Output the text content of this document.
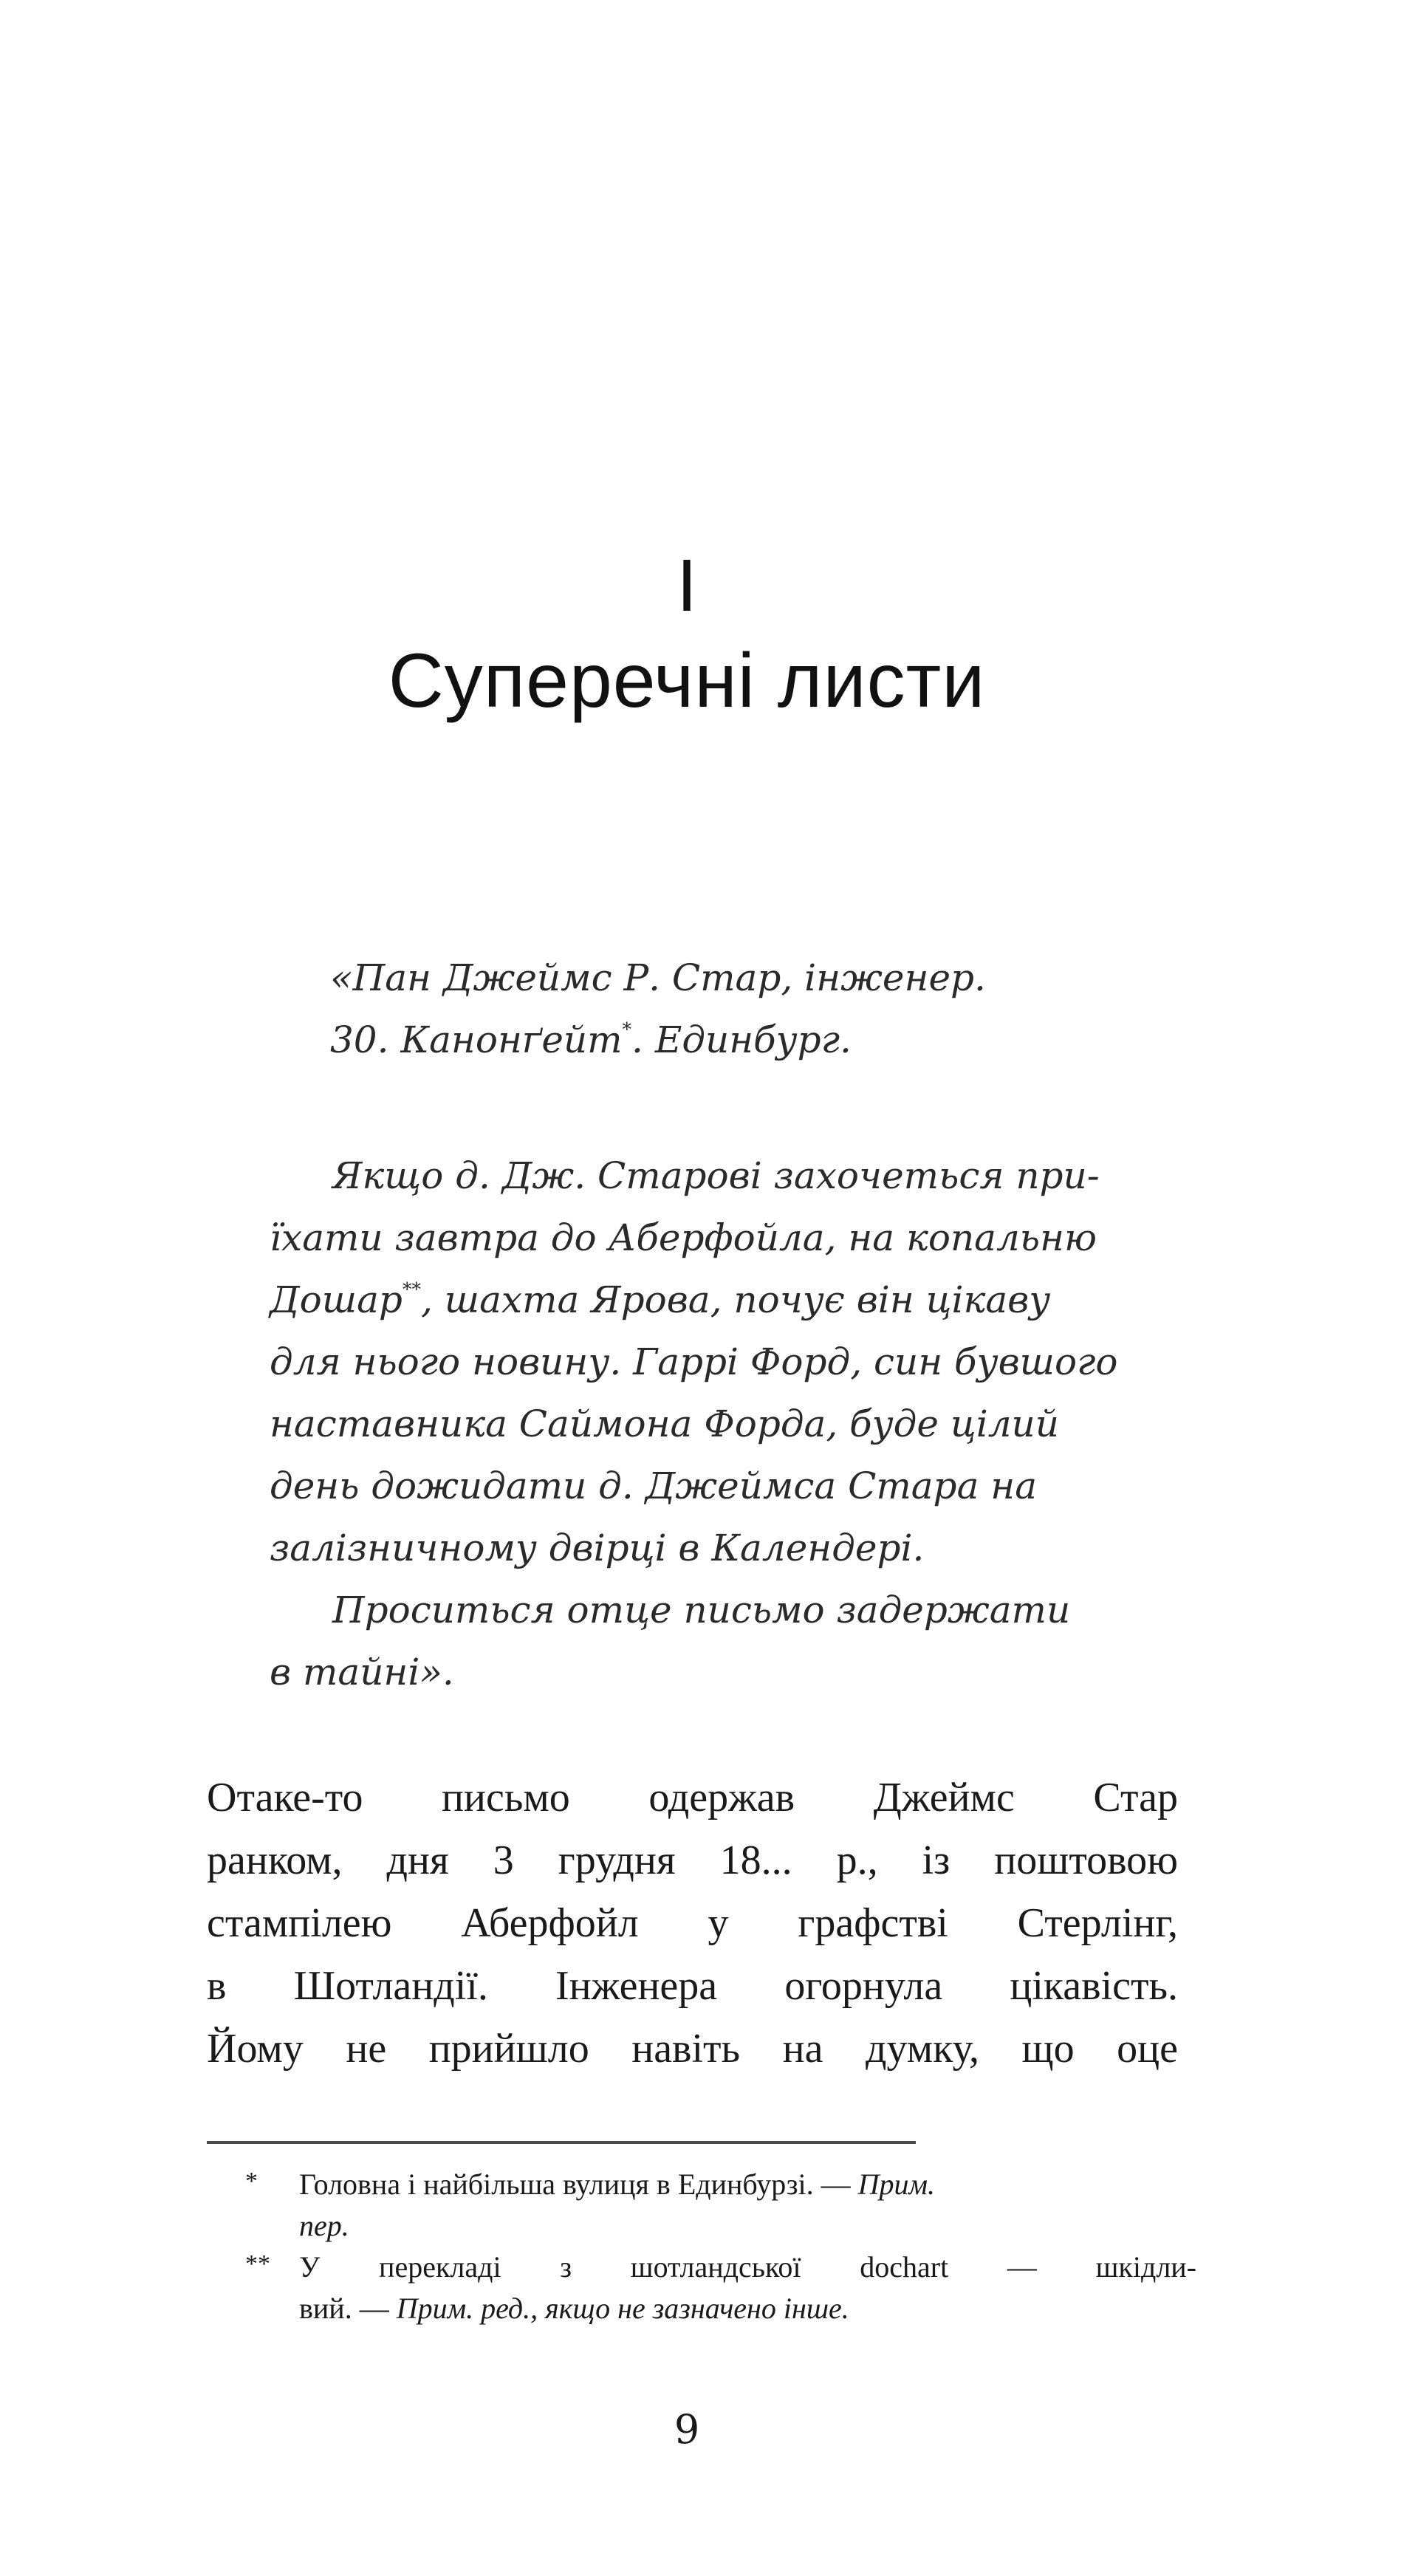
I
Суперечні листи
«Пан Джеймс Р. Стар, інженер.
30. Канонґейт*. Единбург.
Якщо д. Дж. Старові захочеться при-
їхати завтра до Аберфойла, на копальню
Дошар**, шахта Ярова, почує він цікаву
для нього новину. Гаррі Форд, син бувшого
наставника Саймона Форда, буде цілий
день дожидати д. Джеймса Стара на
залізничному двірці в Календері.
Проситься отце письмо задержати
в тайні».
Отаке-то письмо одержав Джеймс Стар
ранком, дня 3 грудня 18... р., із поштовою
стампілею Аберфойл у графстві Стерлінг,
в Шотландії. Інженера огорнула цікавість.
Йому не прийшло навіть на думку, що оце
* Головна і найбільша вулиця в Единбурзі. — Прим.
пер.
** У перекладі з шотландської dochart — шкідли-
вий. — Прим. ред., якщо не зазначено інше.
9
